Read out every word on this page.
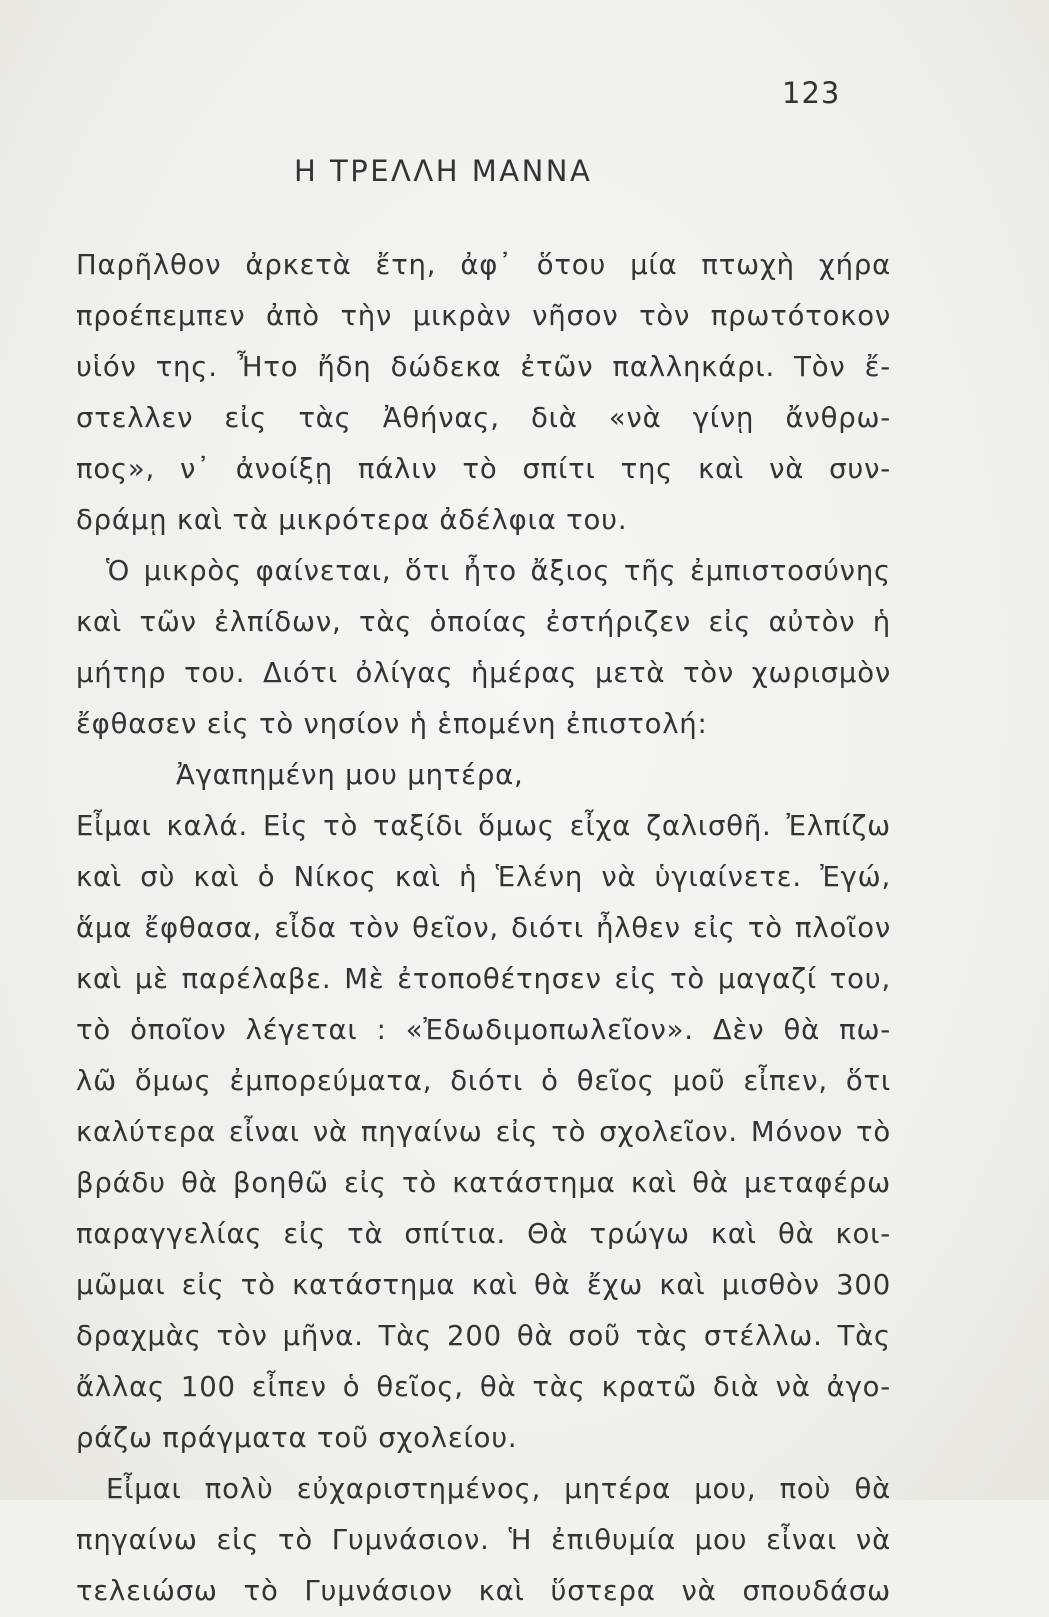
123
Η ΤΡΕΛΛΗ ΜΑΝΝΑ
Παρῆλθον ἀρκετὰ ἔτη, ἀφ᾽ ὅτου μία πτωχὴ χήρα
προέπεμπεν ἀπὸ τὴν μικρὰν νῆσον τὸν πρωτότοκον
υἱόν της. Ἦτο ἤδη δώδεκα ἐτῶν παλληκάρι. Τὸν ἔ-
στελλεν εἰς τὰς Ἀθήνας, διὰ «νὰ γίνῃ ἄνθρω-
πος», ν᾽ ἀνοίξῃ πάλιν τὸ σπίτι της καὶ νὰ συν-
δράμῃ καὶ τὰ μικρότερα ἀδέλφια του.
Ὁ μικρὸς φαίνεται, ὅτι ἦτο ἄξιος τῆς ἐμπιστοσύνης
καὶ τῶν ἐλπίδων, τὰς ὁποίας ἐστήριζεν εἰς αὐτὸν ἡ
μήτηρ του. Διότι ὀλίγας ἡμέρας μετὰ τὸν χωρισμὸν
ἔφθασεν εἰς τὸ νησίον ἡ ἑπομένη ἐπιστολή:
Ἀγαπημένη μου μητέρα,
Εἶμαι καλά. Εἰς τὸ ταξίδι ὅμως εἶχα ζαλισθῆ. Ἐλπίζω
καὶ σὺ καὶ ὁ Νίκος καὶ ἡ Ἑλένη νὰ ὑγιαίνετε. Ἐγώ,
ἅμα ἔφθασα, εἶδα τὸν θεῖον, διότι ἦλθεν εἰς τὸ πλοῖον
καὶ μὲ παρέλαβε. Μὲ ἐτοποθέτησεν εἰς τὸ μαγαζί του,
τὸ ὁποῖον λέγεται : «Ἐδωδιμοπωλεῖον». Δὲν θὰ πω-
λῶ ὅμως ἐμπορεύματα, διότι ὁ θεῖος μοῦ εἶπεν, ὅτι
καλύτερα εἶναι νὰ πηγαίνω εἰς τὸ σχολεῖον. Μόνον τὸ
βράδυ θὰ βοηθῶ εἰς τὸ κατάστημα καὶ θὰ μεταφέρω
παραγγελίας εἰς τὰ σπίτια. Θὰ τρώγω καὶ θὰ κοι-
μῶμαι εἰς τὸ κατάστημα καὶ θὰ ἔχω καὶ μισθὸν 300
δραχμὰς τὸν μῆνα. Τὰς 200 θὰ σοῦ τὰς στέλλω. Τὰς
ἄλλας 100 εἶπεν ὁ θεῖος, θὰ τὰς κρατῶ διὰ νὰ ἀγο-
ράζω πράγματα τοῦ σχολείου.
Εἶμαι πολὺ εὐχαριστημένος, μητέρα μου, ποὺ θὰ
πηγαίνω εἰς τὸ Γυμνάσιον. Ἡ ἐπιθυμία μου εἶναι νὰ
τελειώσω τὸ Γυμνάσιον καὶ ὕστερα νὰ σπουδάσω
